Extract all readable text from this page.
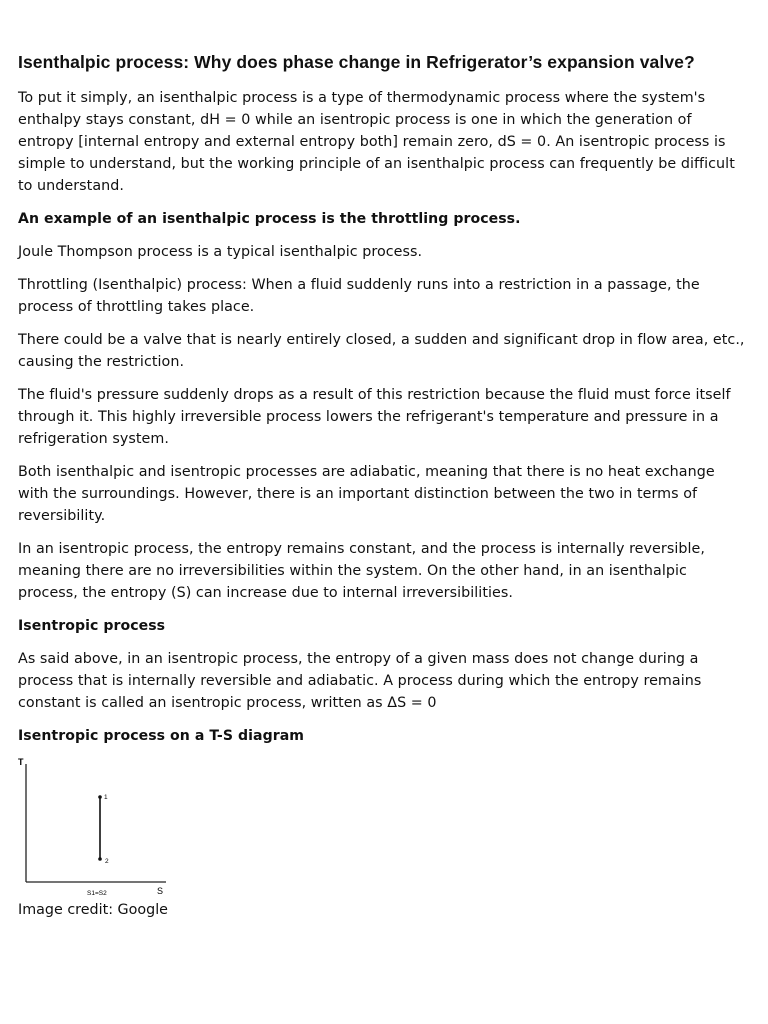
Isenthalpic process: Why does phase change in Refrigerator’s expansion valve?

To put it simply, an isenthalpic process is a type of thermodynamic process where the system's enthalpy stays constant, dH = 0 while an isentropic process is one in which the generation of entropy [internal entropy and external entropy both] remain zero, dS = 0. An isentropic process is simple to understand, but the working principle of an isenthalpic process can frequently be difficult to understand.

An example of an isenthalpic process is the throttling process.

Joule Thompson process is a typical isenthalpic process.

Throttling (Isenthalpic) process: When a fluid suddenly runs into a restriction in a passage, the process of throttling takes place.

There could be a valve that is nearly entirely closed, a sudden and significant drop in flow area, etc., causing the restriction.

The fluid's pressure suddenly drops as a result of this restriction because the fluid must force itself through it. This highly irreversible process lowers the refrigerant's temperature and pressure in a refrigeration system.

Both isenthalpic and isentropic processes are adiabatic, meaning that there is no heat exchange with the surroundings. However, there is an important distinction between the two in terms of reversibility.

In an isentropic process, the entropy remains constant, and the process is internally reversible, meaning there are no irreversibilities within the system. On the other hand, in an isenthalpic process, the entropy (S) can increase due to internal irreversibilities.

Isentropic process

As said above, in an isentropic process, the entropy of a given mass does not change during a process that is internally reversible and adiabatic. A process during which the entropy remains constant is called an isentropic process, written as ΔS = 0

Isentropic process on a T-S diagram

T
S
S1=S2
1
2

Image credit: Google
